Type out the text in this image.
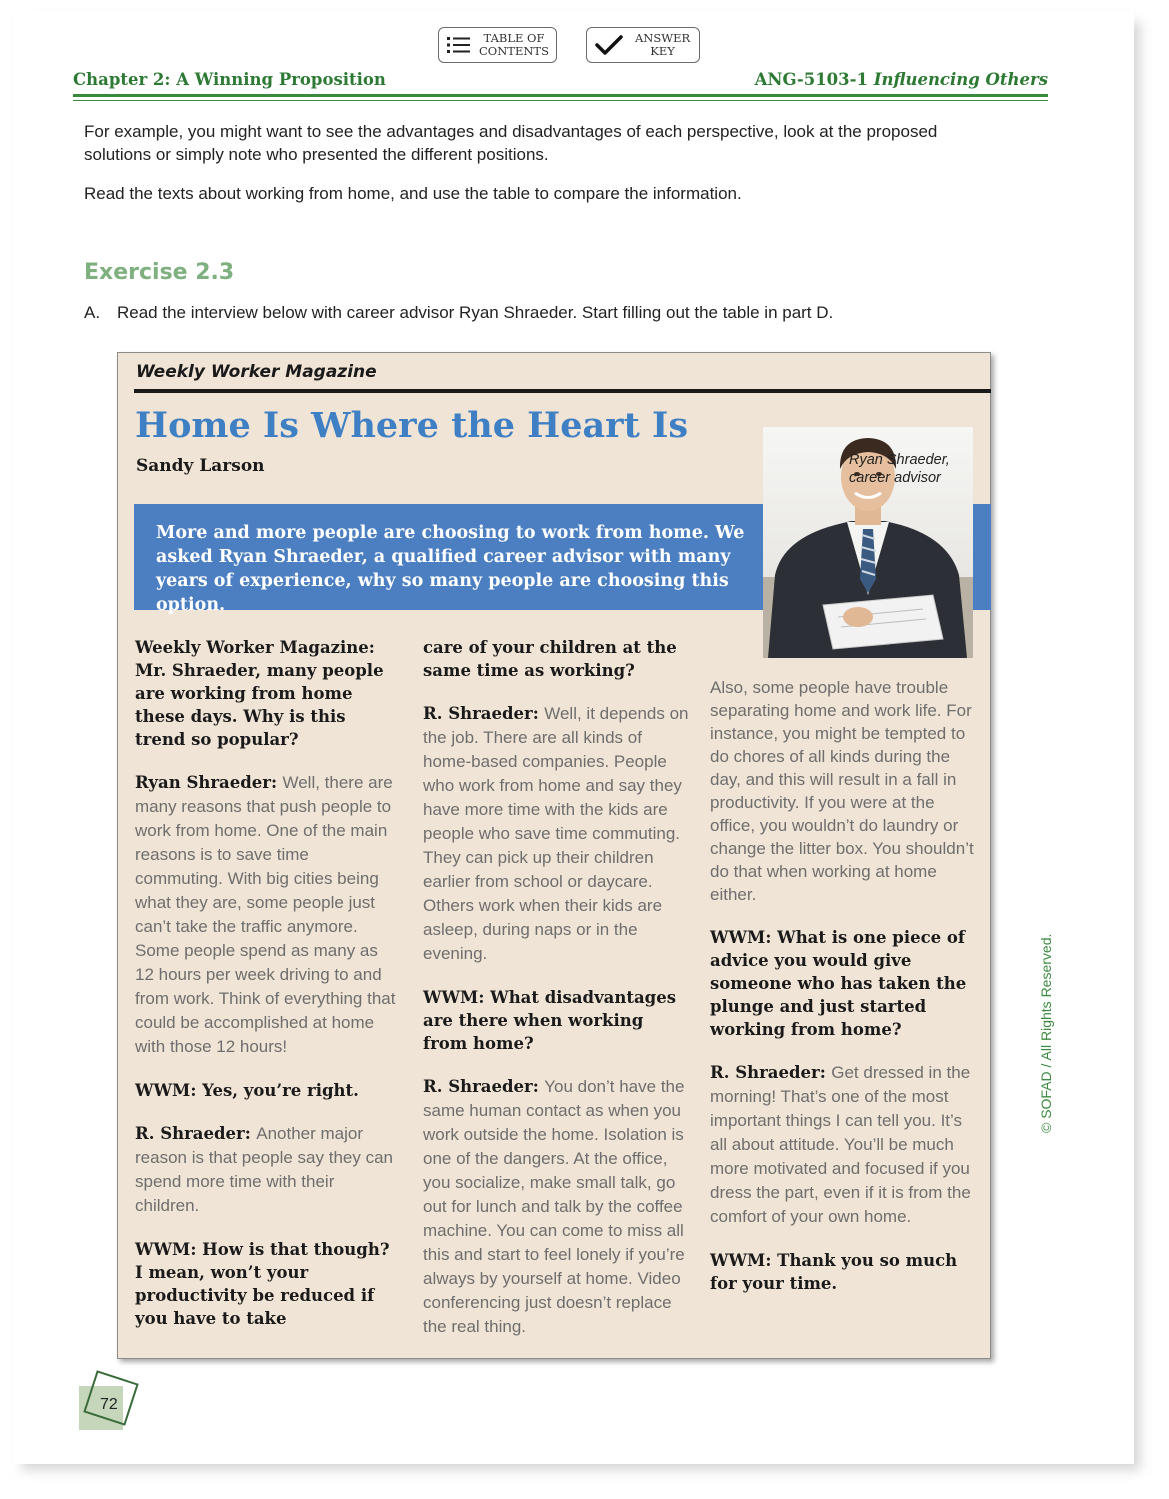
TABLE OF
CONTENTS
ANSWER
KEY
Chapter 2: A Winning Proposition	ANG-5103-1 Influencing Others
For example, you might want to see the advantages and disadvantages of each perspective, look at the proposed solutions or simply note who presented the different positions.
Read the texts about working from home, and use the table to compare the information.
Exercise 2.3
A. Read the interview below with career advisor Ryan Shraeder. Start filling out the table in part D.
Weekly Worker Magazine
Home Is Where the Heart Is
Sandy Larson
More and more people are choosing to work from home. We asked Ryan Shraeder, a qualified career advisor with many years of experience, why so many people are choosing this option.
Ryan Shraeder,
career advisor

Weekly Worker Magazine: Mr. Shraeder, many people are working from home these days. Why is this trend so popular?

Ryan Shraeder: Well, there are many reasons that push people to work from home. One of the main reasons is to save time commuting. With big cities being what they are, some people just can’t take the traffic anymore. Some people spend as many as 12 hours per week driving to and from work. Think of everything that could be accomplished at home with those 12 hours!

WWM: Yes, you’re right.

R. Shraeder: Another major reason is that people say they can spend more time with their children.

WWM: How is that though? I mean, won’t your productivity be reduced if you have to take

care of your children at the same time as working?

R. Shraeder: Well, it depends on the job. There are all kinds of home-based companies. People who work from home and say they have more time with the kids are people who save time commuting. They can pick up their children earlier from school or daycare. Others work when their kids are asleep, during naps or in the evening.

WWM: What disadvantages are there when working from home?

R. Shraeder: You don’t have the same human contact as when you work outside the home. Isolation is one of the dangers. At the office, you socialize, make small talk, go out for lunch and talk by the coffee machine. You can come to miss all this and start to feel lonely if you’re always by yourself at home. Video conferencing just doesn’t replace the real thing.

Also, some people have trouble separating home and work life. For instance, you might be tempted to do chores of all kinds during the day, and this will result in a fall in productivity. If you were at the office, you wouldn’t do laundry or change the litter box. You shouldn’t do that when working at home either.

WWM: What is one piece of advice you would give someone who has taken the plunge and just started working from home?

R. Shraeder: Get dressed in the morning! That’s one of the most important things I can tell you. It’s all about attitude. You’ll be much more motivated and focused if you dress the part, even if it is from the comfort of your own home.

WWM: Thank you so much for your time.

© SOFAD / All Rights Reserved.
72
